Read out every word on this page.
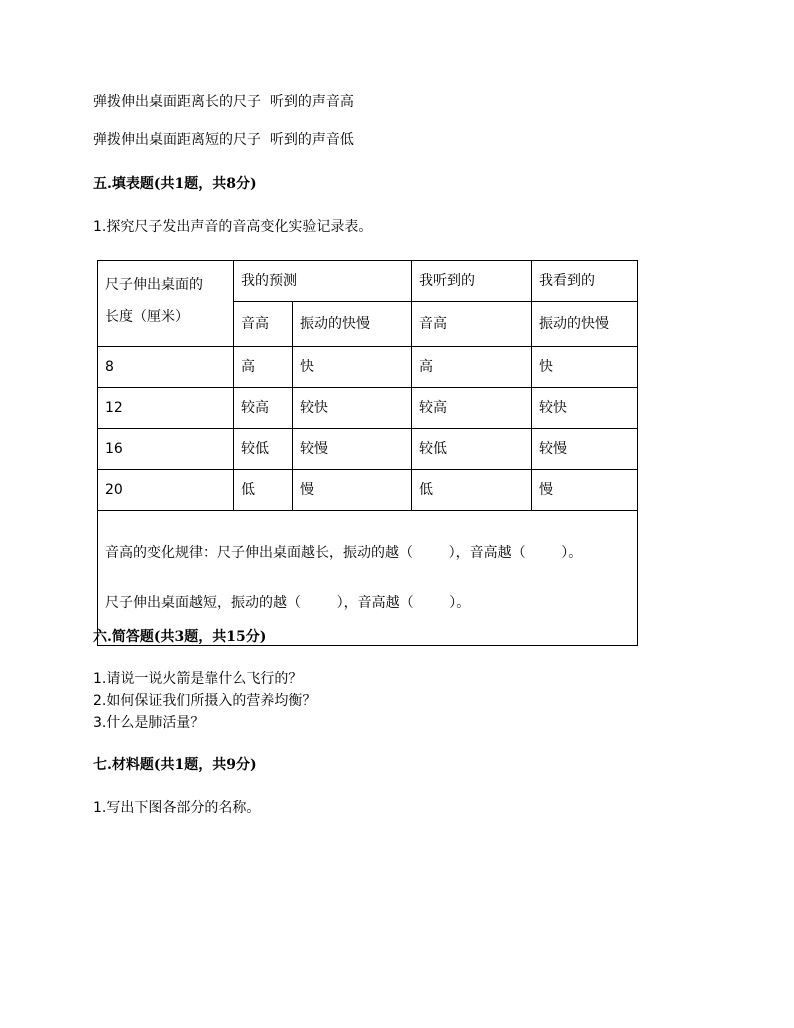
弹拨伸出桌面距离长的尺子  听到的声音高
弹拨伸出桌面距离短的尺子  听到的声音低
五.填表题(共1题，共8分)
1.探究尺子发出声音的音高变化实验记录表。
尺子伸出桌面的
长度（厘米）	我的预测		我听到的	我看到的
	音高	振动的快慢	音高	振动的快慢
8	高	快	高	快
12	较高	较快	较高	较快
16	较低	较慢	较低	较慢
20	低	慢	低	慢

音高的变化规律：尺子伸出桌面越长，振动的越（        ），音高越（        ）。

尺子伸出桌面越短，振动的越（        ），音高越（        ）。				

六.简答题(共3题，共15分)
1.请说一说火箭是靠什么飞行的？
2.如何保证我们所摄入的营养均衡？
3.什么是肺活量？
七.材料题(共1题，共9分)
1.写出下图各部分的名称。
